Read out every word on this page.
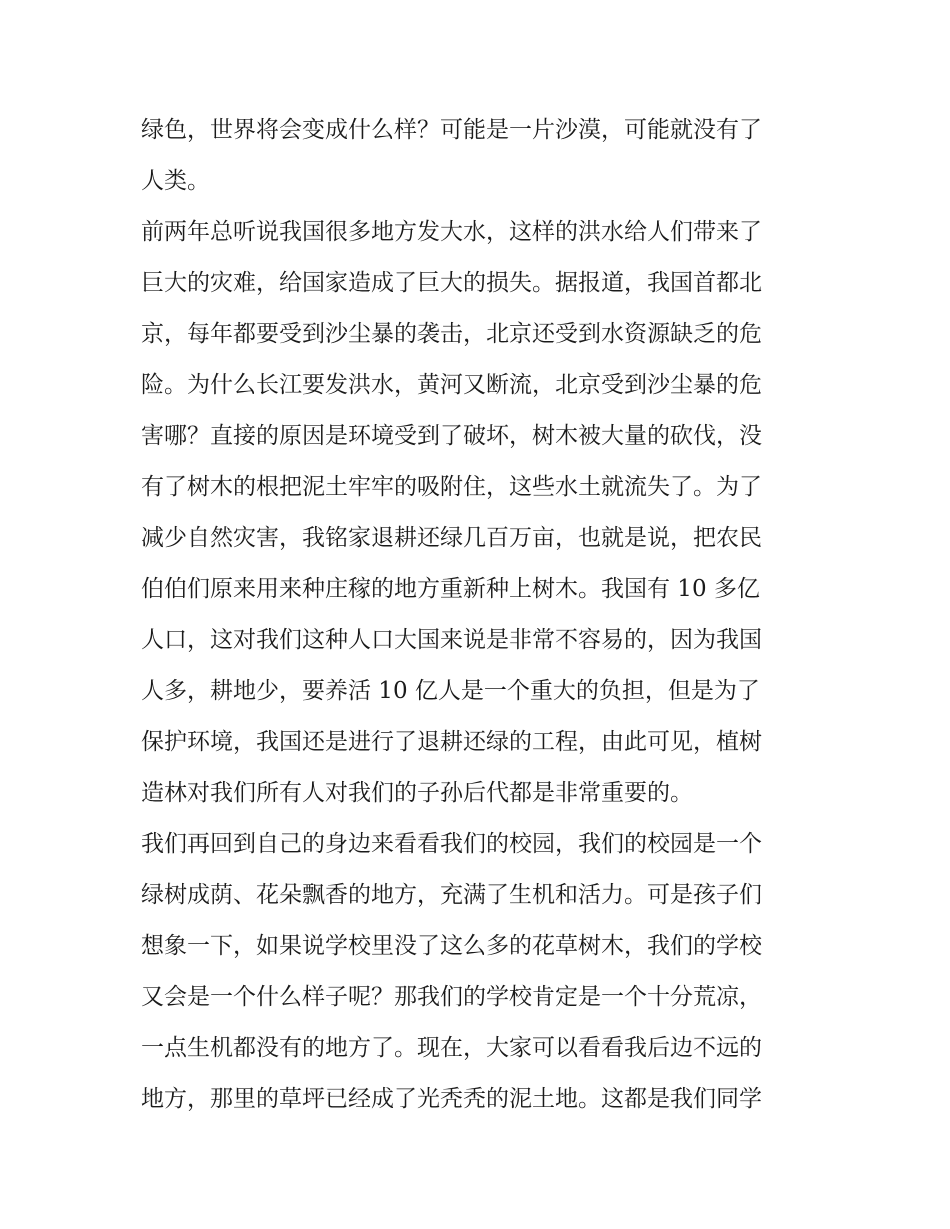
绿色，世界将会变成什么样？可能是一片沙漠，可能就没有了
人类。
前两年总听说我国很多地方发大水，这样的洪水给人们带来了
巨大的灾难，给国家造成了巨大的损失。据报道，我国首都北
京，每年都要受到沙尘暴的袭击，北京还受到水资源缺乏的危
险。为什么长江要发洪水，黄河又断流，北京受到沙尘暴的危
害哪？直接的原因是环境受到了破坏，树木被大量的砍伐，没
有了树木的根把泥土牢牢的吸附住，这些水土就流失了。为了
减少自然灾害，我铭家退耕还绿几百万亩，也就是说，把农民
伯伯们原来用来种庄稼的地方重新种上树木。我国有 10 多亿
人口，这对我们这种人口大国来说是非常不容易的，因为我国
人多，耕地少，要养活 10 亿人是一个重大的负担，但是为了
保护环境，我国还是进行了退耕还绿的工程，由此可见，植树
造林对我们所有人对我们的子孙后代都是非常重要的。
我们再回到自己的身边来看看我们的校园，我们的校园是一个
绿树成荫、花朵飘香的地方，充满了生机和活力。可是孩子们
想象一下，如果说学校里没了这么多的花草树木，我们的学校
又会是一个什么样子呢？那我们的学校肯定是一个十分荒凉，
一点生机都没有的地方了。现在，大家可以看看我后边不远的
地方，那里的草坪已经成了光秃秃的泥土地。这都是我们同学
